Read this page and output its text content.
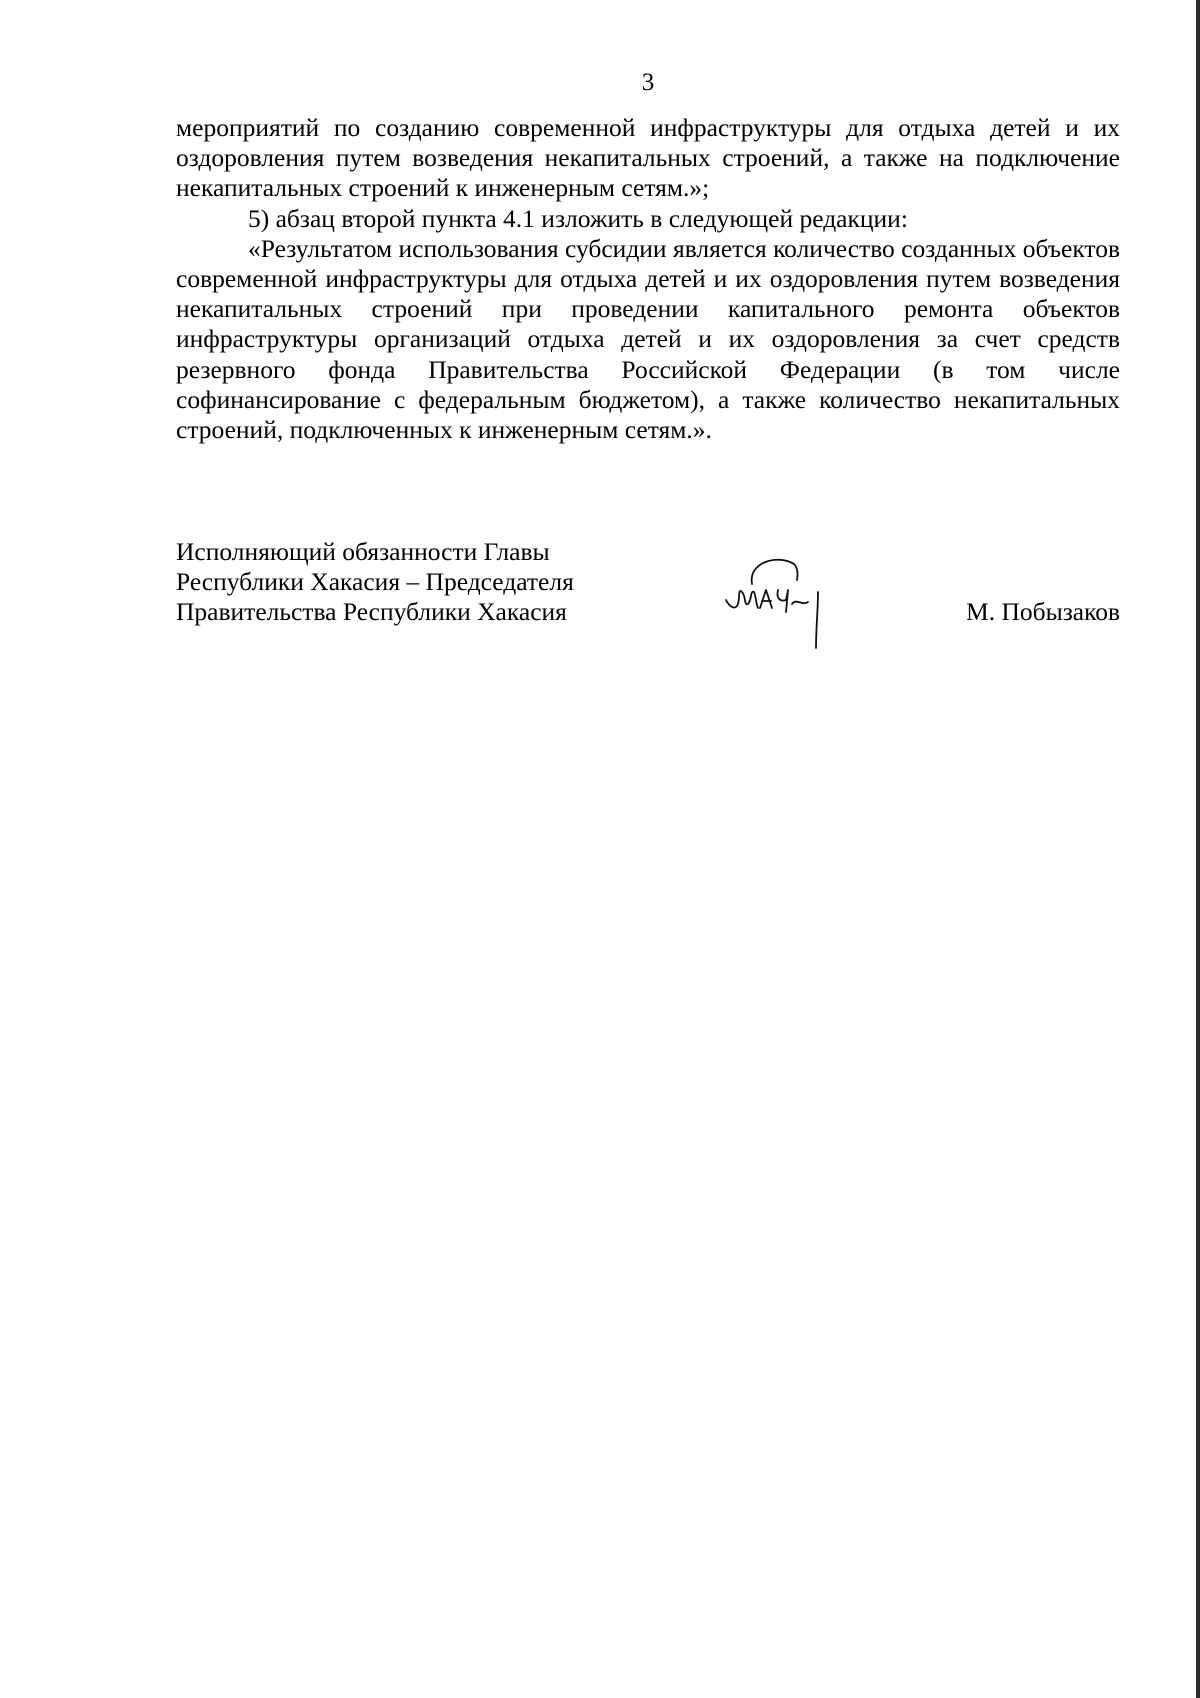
3

мероприятий по созданию современной инфраструктуры для отдыха детей и их оздоровления путем возведения некапитальных строений, а также на подключение некапитальных строений к инженерным сетям.»;

5) абзац второй пункта 4.1 изложить в следующей редакции:

«Результатом использования субсидии является количество созданных объектов современной инфраструктуры для отдыха детей и их оздоровления путем возведения некапитальных строений при проведении капитального ремонта объектов инфраструктуры организаций отдыха детей и их оздоровления за счет средств резервного фонда Правительства Российской Федерации (в том числе софинансирование с федеральным бюджетом), а также количество некапитальных строений, подключенных к инженерным сетям.».

Исполняющий обязанности Главы
Республики Хакасия – Председателя
Правительства Республики Хакасия	М. Побызаков
